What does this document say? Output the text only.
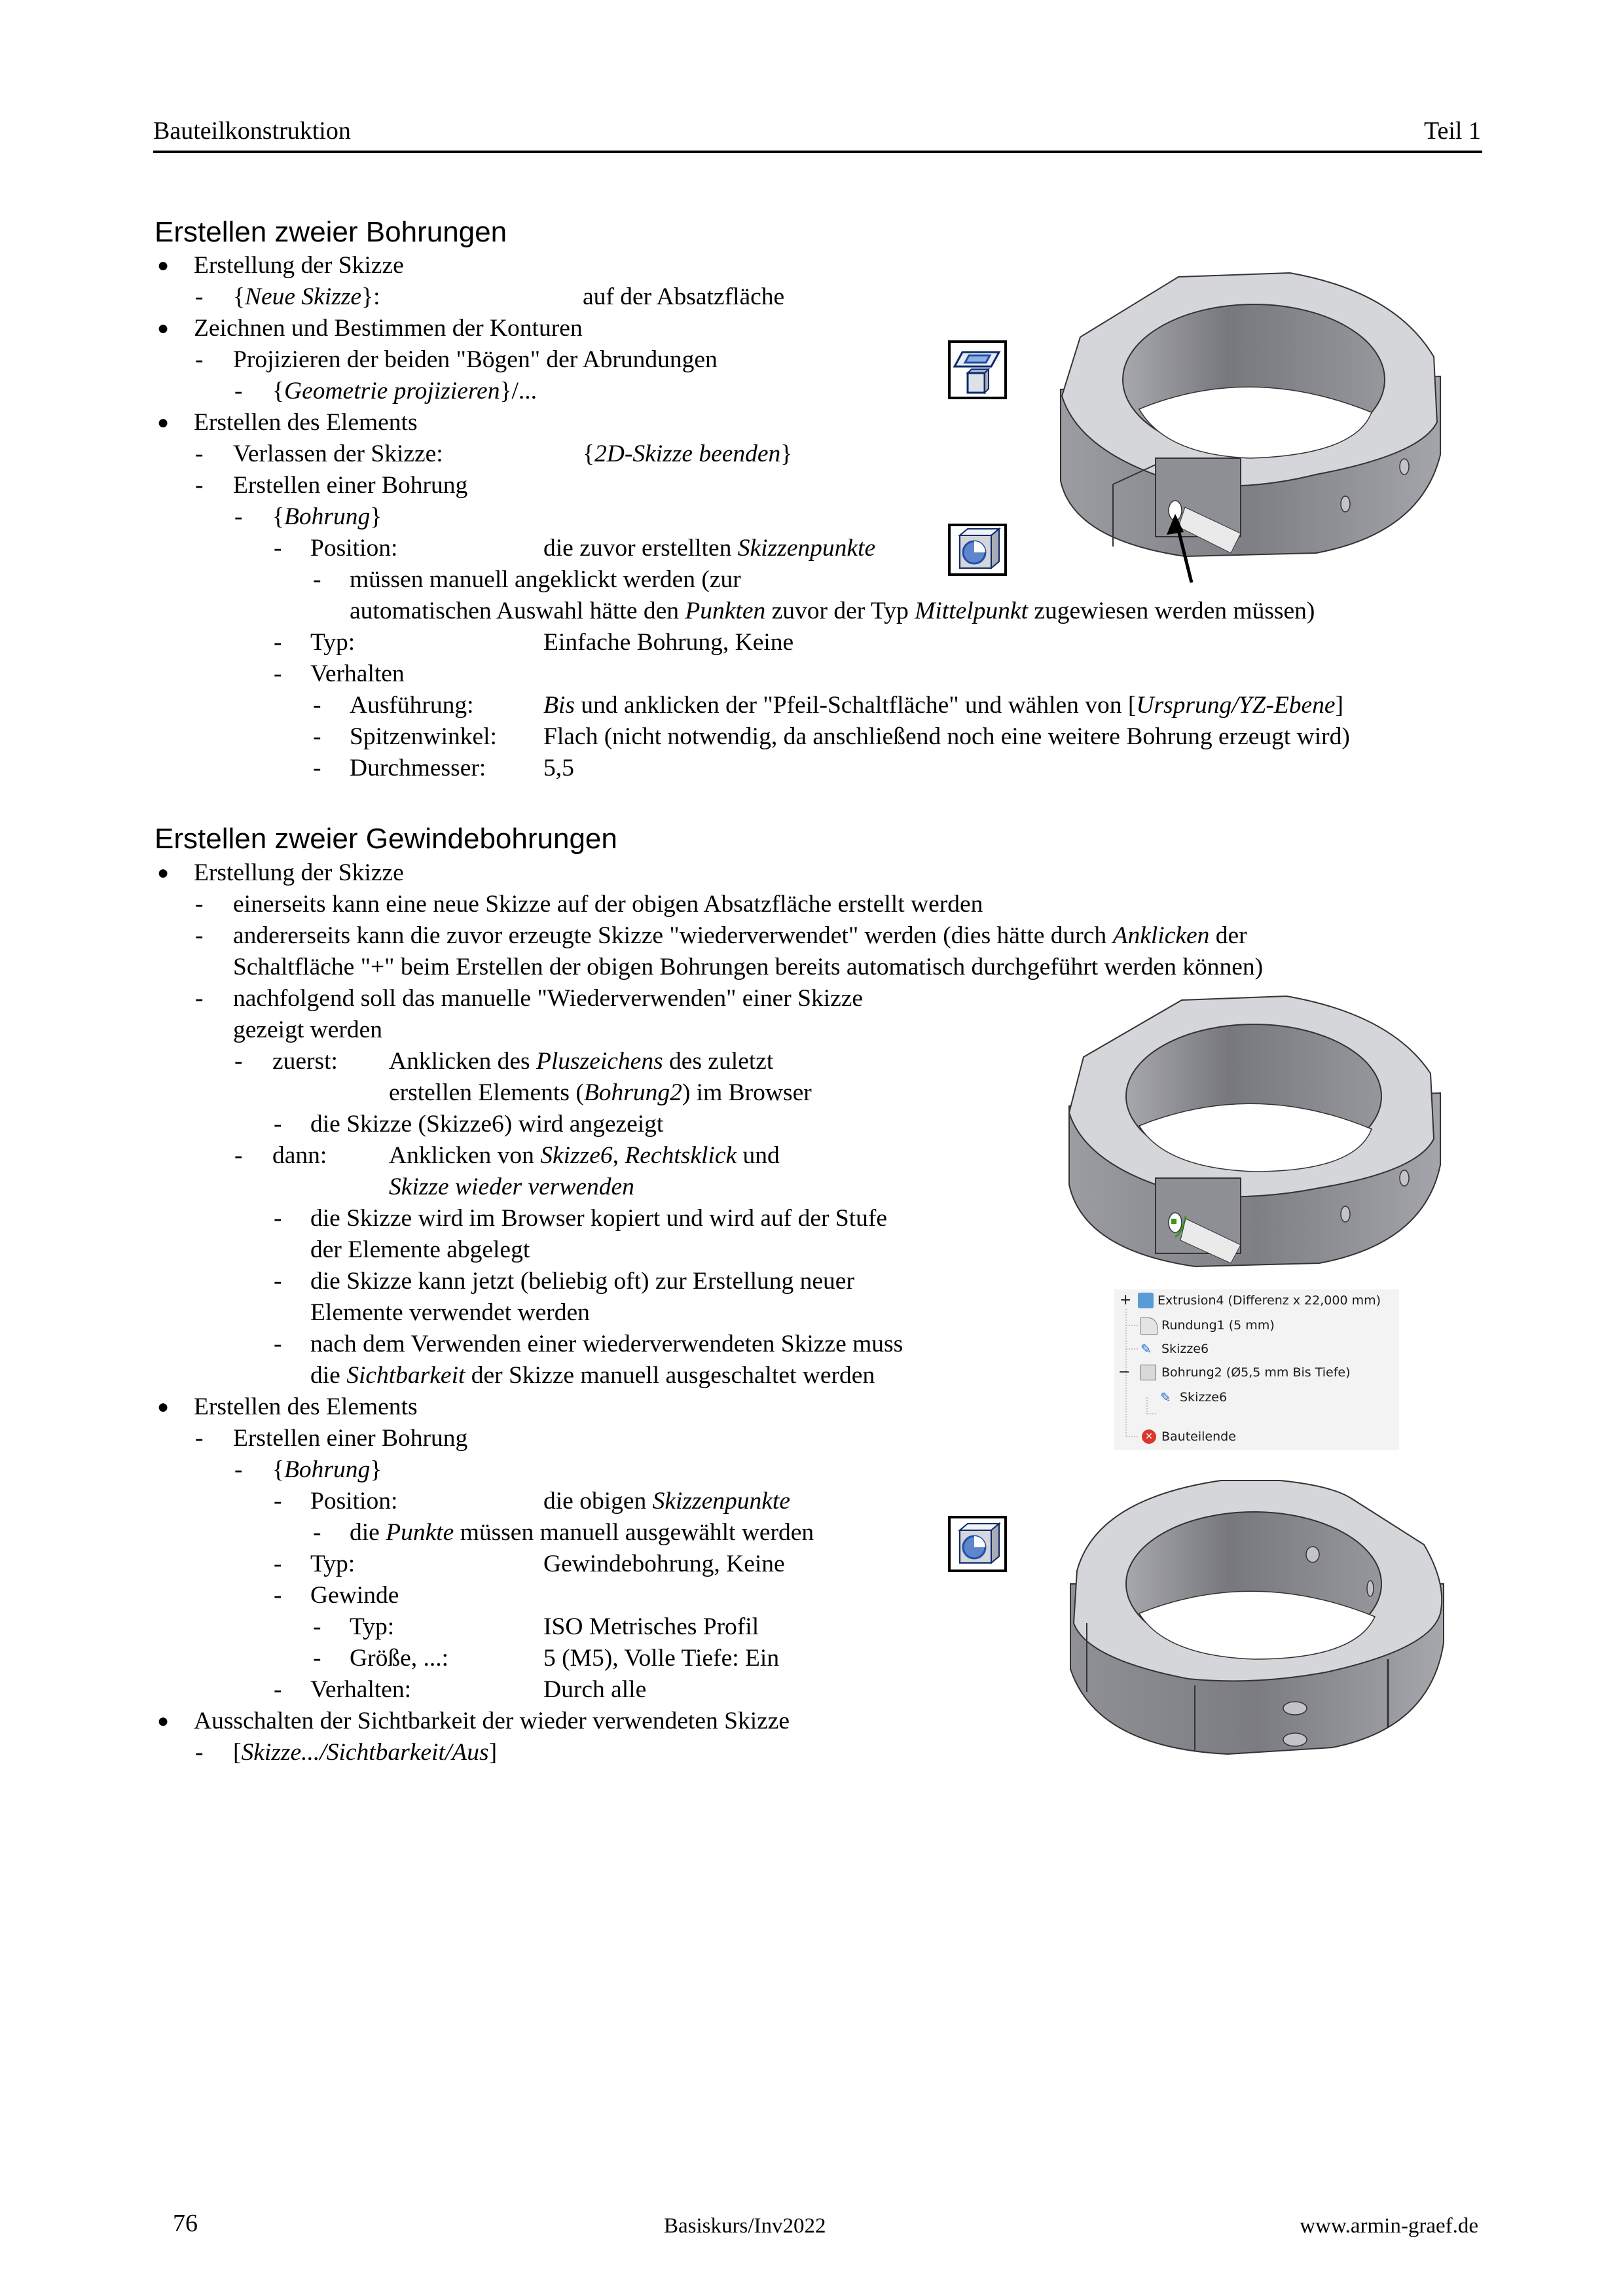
Bauteilkonstruktion	Teil 1
Erstellen zweier Bohrungen
● Erstellung der Skizze
- {Neue Skizze}:	auf der Absatzfläche
● Zeichnen und Bestimmen der Konturen
- Projizieren der beiden "Bögen" der Abrundungen
- {Geometrie projizieren}/...
● Erstellen des Elements
- Verlassen der Skizze:	{2D-Skizze beenden}
- Erstellen einer Bohrung
- {Bohrung}
- Position:	die zuvor erstellten Skizzenpunkte
- müssen manuell angeklickt werden (zur
automatischen Auswahl hätte den Punkten zuvor der Typ Mittelpunkt zugewiesen werden müssen)
- Typ:	Einfache Bohrung, Keine
- Verhalten
- Ausführung:	Bis und anklicken der "Pfeil-Schaltfläche" und wählen von [Ursprung/YZ-Ebene]
- Spitzenwinkel: Flach (nicht notwendig, da anschließend noch eine weitere Bohrung erzeugt wird)
- Durchmesser: 5,5
Erstellen zweier Gewindebohrungen
● Erstellung der Skizze
- einerseits kann eine neue Skizze auf der obigen Absatzfläche erstellt werden
- andererseits kann die zuvor erzeugte Skizze "wiederverwendet" werden (dies hätte durch Anklicken der
Schaltfläche "+" beim Erstellen der obigen Bohrungen bereits automatisch durchgeführt werden können)
- nachfolgend soll das manuelle "Wiederverwenden" einer Skizze
gezeigt werden
- zuerst: Anklicken des Pluszeichens des zuletzt
erstellen Elements (Bohrung2) im Browser
- die Skizze (Skizze6) wird angezeigt
- dann:	Anklicken von Skizze6, Rechtsklick und
Skizze wieder verwenden
- die Skizze wird im Browser kopiert und wird auf der Stufe
der Elemente abgelegt
- die Skizze kann jetzt (beliebig oft) zur Erstellung neuer
Elemente verwendet werden
- nach dem Verwenden einer wiederverwendeten Skizze muss
die Sichtbarkeit der Skizze manuell ausgeschaltet werden
● Erstellen des Elements
- Erstellen einer Bohrung
- {Bohrung}
- Position:	die obigen Skizzenpunkte
- die Punkte müssen manuell ausgewählt werden
- Typ:	Gewindebohrung, Keine
- Gewinde
- Typ:	ISO Metrisches Profil
- Größe, ...:	5 (M5), Volle Tiefe: Ein
- Verhalten:	Durch alle
● Ausschalten der Sichtbarkeit der wieder verwendeten Skizze
- [Skizze.../Sichtbarkeit/Aus]
+ Extrusion4 (Differenz x 22,000 mm)
Rundung1 (5 mm)
✎ Skizze6
−	Bohrung2 (Ø5,5 mm Bis Tiefe)
✎ Skizze6
✕ Bauteilende
76	Basiskurs/Inv2022	www.armin-graef.de
